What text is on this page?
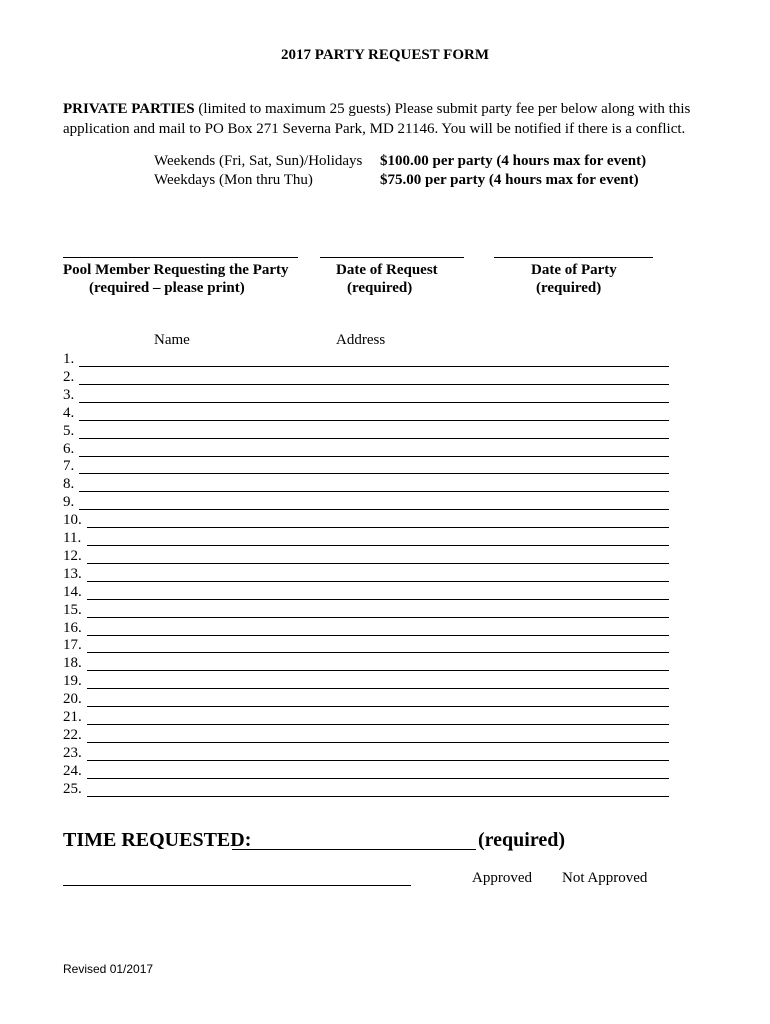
2017 PARTY REQUEST FORM
PRIVATE PARTIES (limited to maximum 25 guests) Please submit party fee per below along with this
application and mail to PO Box 271 Severna Park, MD 21146. You will be notified if there is a conflict.
Weekends (Fri, Sat, Sun)/Holidays $100.00 per party (4 hours max for event)
Weekdays (Mon thru Thu)	$75.00 per party (4 hours max for event)
Pool Member Requesting the Party
(required – please print)
Date of Request
(required)
Date of Party
(required)
Name	Address
1.
2.
3.
4.
5.
6.
7.
8.
9.
10.
11.
12.
13.
14.
15.
16.
17.
18.
19.
20.
21.
22.
23.
24.
25.
TIME REQUESTED:	(required)
Approved Not Approved
Revised 01/2017
